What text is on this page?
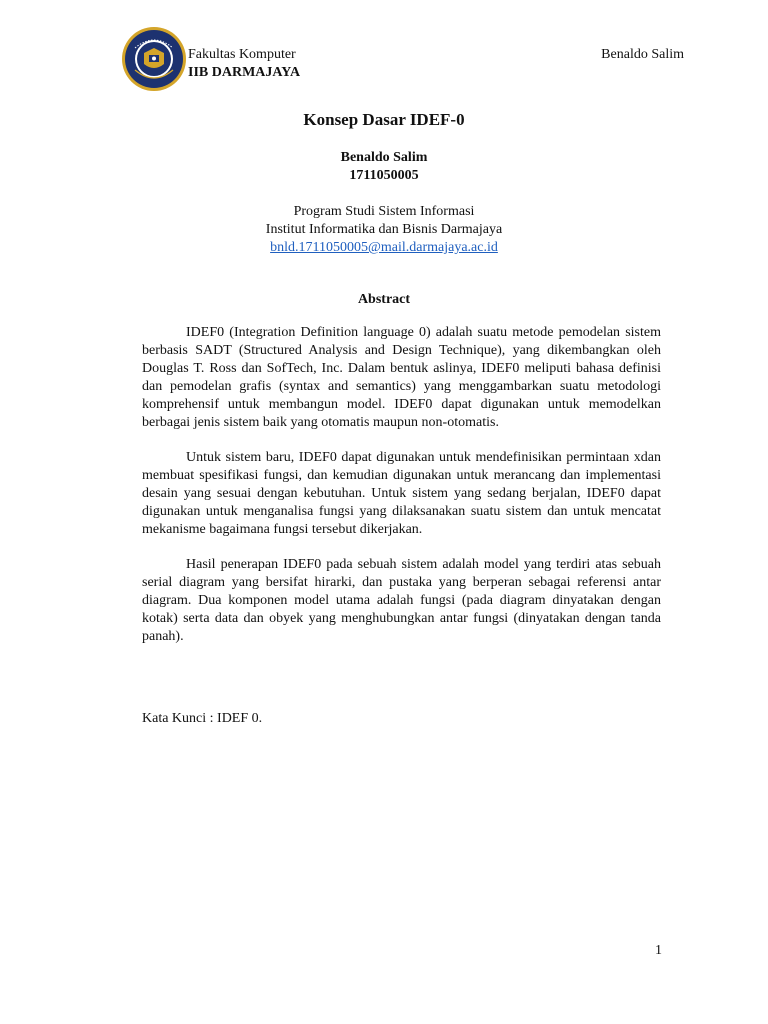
Fakultas Komputer
IIB DARMAJAYA
Benaldo Salim
Konsep Dasar IDEF-0
Benaldo Salim
1711050005
Program Studi Sistem Informasi
Institut Informatika dan Bisnis Darmajaya
bnld.1711050005@mail.darmajaya.ac.id
Abstract

IDEF0 (Integration Definition language 0) adalah suatu metode pemodelan sistem berbasis SADT (Structured Analysis and Design Technique), yang dikembangkan oleh Douglas T. Ross dan SofTech, Inc. Dalam bentuk aslinya, IDEF0 meliputi bahasa definisi dan pemodelan grafis (syntax and semantics) yang menggambarkan suatu metodologi komprehensif untuk membangun model. IDEF0 dapat digunakan untuk memodelkan berbagai jenis sistem baik yang otomatis maupun non-otomatis.

Untuk sistem baru, IDEF0 dapat digunakan untuk mendefinisikan permintaan xdan membuat spesifikasi fungsi, dan kemudian digunakan untuk merancang dan implementasi desain yang sesuai dengan kebutuhan. Untuk sistem yang sedang berjalan, IDEF0 dapat digunakan untuk menganalisa fungsi yang dilaksanakan suatu sistem dan untuk mencatat mekanisme bagaimana fungsi tersebut dikerjakan.

Hasil penerapan IDEF0 pada sebuah sistem adalah model yang terdiri atas sebuah serial diagram yang bersifat hirarki, dan pustaka yang berperan sebagai referensi antar diagram. Dua komponen model utama adalah fungsi (pada diagram dinyatakan dengan kotak) serta data dan obyek yang menghubungkan antar fungsi (dinyatakan dengan tanda panah).

Kata Kunci : IDEF 0.
1
